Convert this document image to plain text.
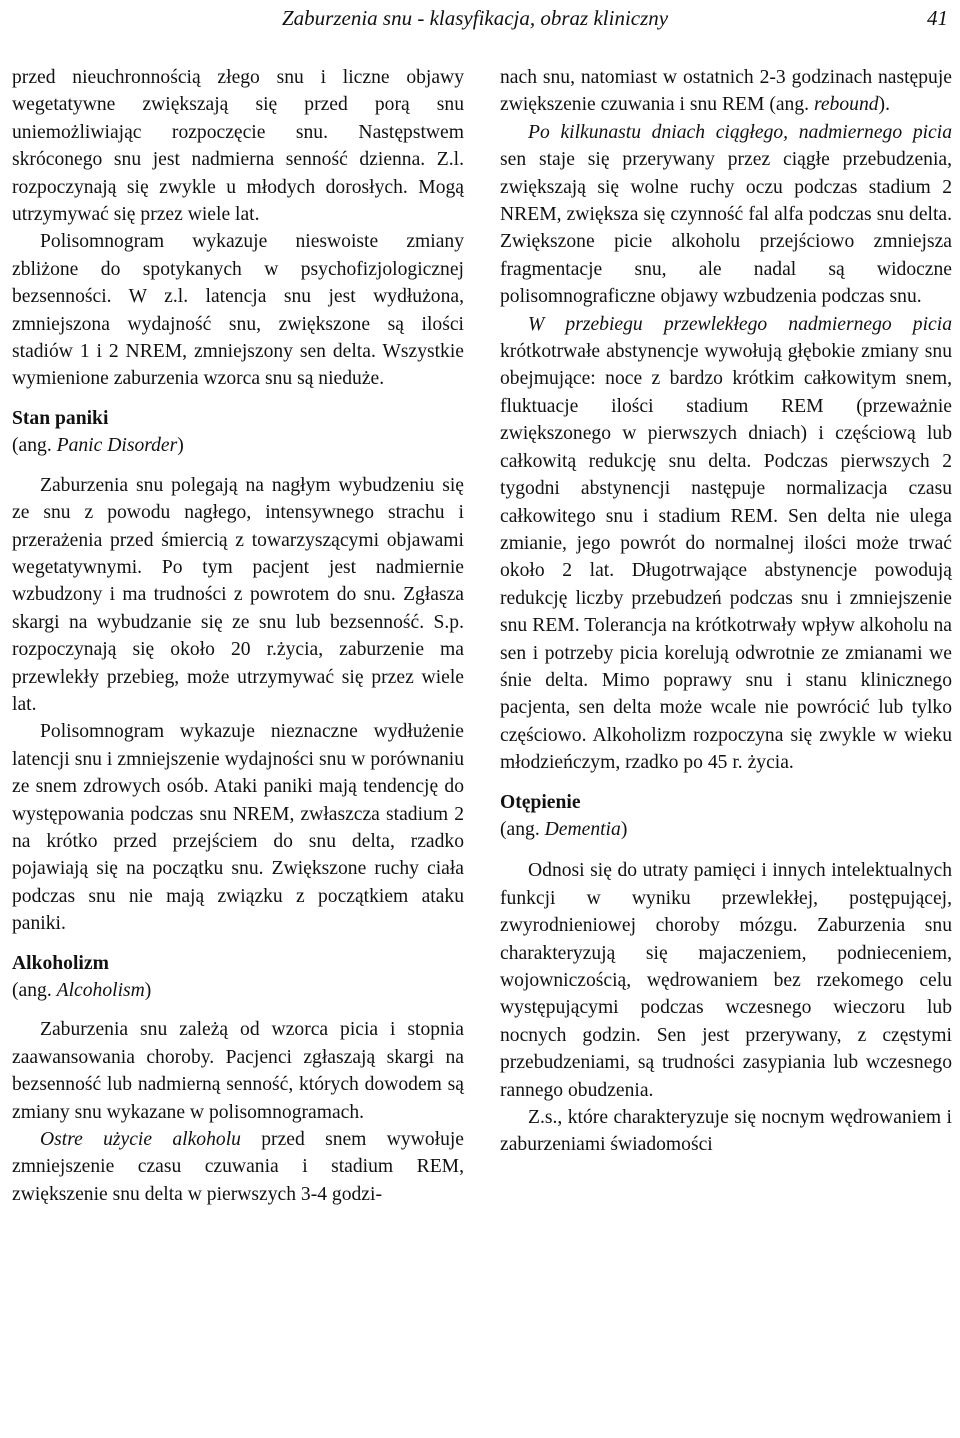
Zaburzenia snu - klasyfikacja, obraz kliniczny	41

przed nieuchronnością złego snu i liczne objawy wegetatywne zwiększają się przed porą snu uniemożliwiając rozpoczęcie snu. Następstwem skróconego snu jest nadmierna senność dzienna. Z.l. rozpoczynają się zwykle u młodych dorosłych. Mogą utrzymywać się przez wiele lat.

Polisomnogram wykazuje nieswoiste zmiany zbliżone do spotykanych w psychofizjologicznej bezsenności. W z.l. latencja snu jest wydłużona, zmniejszona wydajność snu, zwiększone są ilości stadiów 1 i 2 NREM, zmniejszony sen delta. Wszystkie wymienione zaburzenia wzorca snu są nieduże.

Stan paniki

(ang. Panic Disorder)

Zaburzenia snu polegają na nagłym wybudzeniu się ze snu z powodu nagłego, intensywnego strachu i przerażenia przed śmiercią z towarzyszącymi objawami wegetatywnymi. Po tym pacjent jest nadmiernie wzbudzony i ma trudności z powrotem do snu. Zgłasza skargi na wybudzanie się ze snu lub bezsenność. S.p. rozpoczynają się około 20 r.życia, zaburzenie ma przewlekły przebieg, może utrzymywać się przez wiele lat.

Polisomnogram wykazuje nieznaczne wydłużenie latencji snu i zmniejszenie wydajności snu w porównaniu ze snem zdrowych osób. Ataki paniki mają tendencję do występowania podczas snu NREM, zwłaszcza stadium 2 na krótko przed przejściem do snu delta, rzadko pojawiają się na początku snu. Zwiększone ruchy ciała podczas snu nie mają związku z początkiem ataku paniki.

Alkoholizm

(ang. Alcoholism)

Zaburzenia snu zależą od wzorca picia i stopnia zaawansowania choroby. Pacjenci zgłaszają skargi na bezsenność lub nadmierną senność, których dowodem są zmiany snu wykazane w polisomnogramach.

Ostre użycie alkoholu przed snem wywołuje zmniejszenie czasu czuwania i stadium REM, zwiększenie snu delta w pierwszych 3-4 godzi-

nach snu, natomiast w ostatnich 2-3 godzinach następuje zwiększenie czuwania i snu REM (ang. rebound).

Po kilkunastu dniach ciągłego, nadmiernego picia sen staje się przerywany przez ciągłe przebudzenia, zwiększają się wolne ruchy oczu podczas stadium 2 NREM, zwiększa się czynność fal alfa podczas snu delta. Zwiększone picie alkoholu przejściowo zmniejsza fragmentacje snu, ale nadal są widoczne polisomnograficzne objawy wzbudzenia podczas snu.

W przebiegu przewlekłego nadmiernego picia krótkotrwałe abstynencje wywołują głębokie zmiany snu obejmujące: noce z bardzo krótkim całkowitym snem, fluktuacje ilości stadium REM (przeważnie zwiększonego w pierwszych dniach) i częściową lub całkowitą redukcję snu delta. Podczas pierwszych 2 tygodni abstynencji następuje normalizacja czasu całkowitego snu i stadium REM. Sen delta nie ulega zmianie, jego powrót do normalnej ilości może trwać około 2 lat. Długotrwające abstynencje powodują redukcję liczby przebudzeń podczas snu i zmniejszenie snu REM. Tolerancja na krótkotrwały wpływ alkoholu na sen i potrzeby picia korelują odwrotnie ze zmianami we śnie delta. Mimo poprawy snu i stanu klinicznego pacjenta, sen delta może wcale nie powrócić lub tylko częściowo. Alkoholizm rozpoczyna się zwykle w wieku młodzieńczym, rzadko po 45 r. życia.

Otępienie

(ang. Dementia)

Odnosi się do utraty pamięci i innych intelektualnych funkcji w wyniku przewlekłej, postępującej, zwyrodnieniowej choroby mózgu. Zaburzenia snu charakteryzują się majaczeniem, podnieceniem, wojowniczością, wędrowaniem bez rzekomego celu występującymi podczas wczesnego wieczoru lub nocnych godzin. Sen jest przerywany, z częstymi przebudzeniami, są trudności zasypiania lub wczesnego rannego obudzenia.

Z.s., które charakteryzuje się nocnym wędrowaniem i zaburzeniami świadomości
